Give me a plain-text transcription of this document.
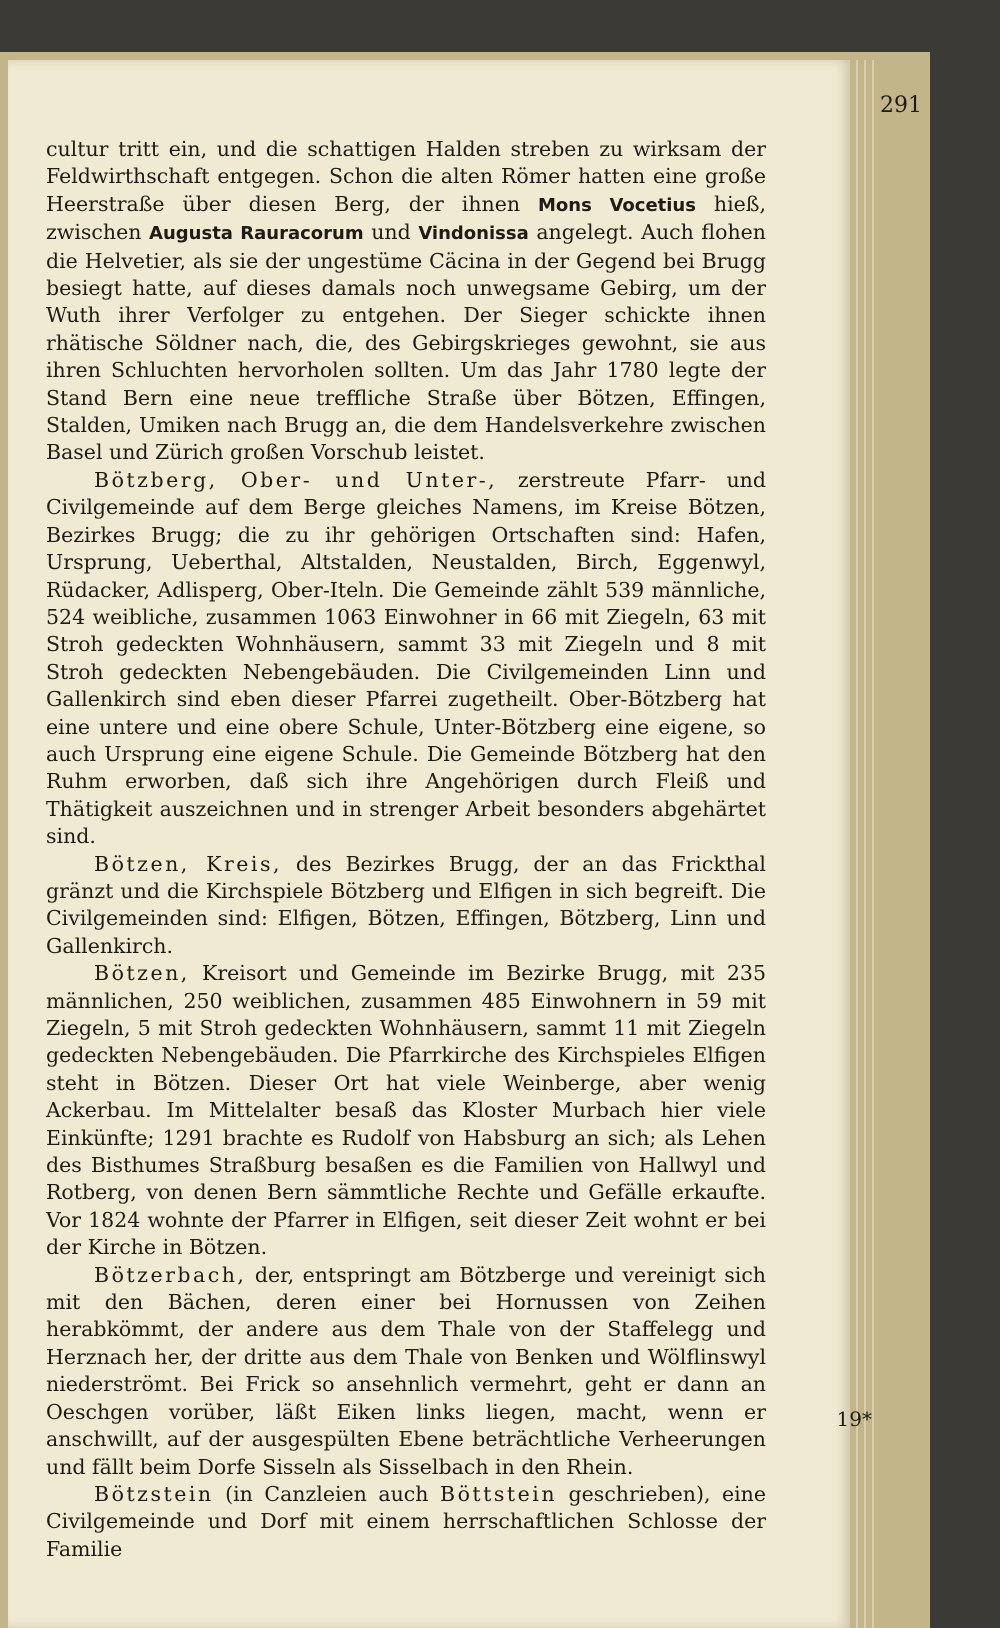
291

cultur tritt ein, und die schattigen Halden streben zu wirksam der Feldwirthschaft entgegen. Schon die alten Römer hatten eine große Heerstraße über diesen Berg, der ihnen Mons Vocetius hieß, zwischen Augusta Rauracorum und Vindonissa angelegt. Auch flohen die Helvetier, als sie der ungestüme Cäcina in der Gegend bei Brugg besiegt hatte, auf dieses damals noch unwegsame Gebirg, um der Wuth ihrer Verfolger zu entgehen. Der Sieger schickte ihnen rhätische Söldner nach, die, des Gebirgskrieges gewohnt, sie aus ihren Schluchten hervorholen sollten. Um das Jahr 1780 legte der Stand Bern eine neue treffliche Straße über Bötzen, Effingen, Stalden, Umiken nach Brugg an, die dem Handelsverkehre zwischen Basel und Zürich großen Vorschub leistet.

Bötzberg, Ober- und Unter-, zerstreute Pfarr- und Civilgemeinde auf dem Berge gleiches Namens, im Kreise Bötzen, Bezirkes Brugg; die zu ihr gehörigen Ortschaften sind: Hafen, Ursprung, Ueberthal, Altstalden, Neustalden, Birch, Eggenwyl, Rüdacker, Adlisperg, Ober-Iteln. Die Gemeinde zählt 539 männliche, 524 weibliche, zusammen 1063 Einwohner in 66 mit Ziegeln, 63 mit Stroh gedeckten Wohnhäusern, sammt 33 mit Ziegeln und 8 mit Stroh gedeckten Nebengebäuden. Die Civilgemeinden Linn und Gallenkirch sind eben dieser Pfarrei zugetheilt. Ober-Bötzberg hat eine untere und eine obere Schule, Unter-Bötzberg eine eigene, so auch Ursprung eine eigene Schule. Die Gemeinde Bötzberg hat den Ruhm erworben, daß sich ihre Angehörigen durch Fleiß und Thätigkeit auszeichnen und in strenger Arbeit besonders abgehärtet sind.

Bötzen, Kreis, des Bezirkes Brugg, der an das Frickthal gränzt und die Kirchspiele Bötzberg und Elfigen in sich begreift. Die Civilgemeinden sind: Elfigen, Bötzen, Effingen, Bötzberg, Linn und Gallenkirch.

Bötzen, Kreisort und Gemeinde im Bezirke Brugg, mit 235 männlichen, 250 weiblichen, zusammen 485 Einwohnern in 59 mit Ziegeln, 5 mit Stroh gedeckten Wohnhäusern, sammt 11 mit Ziegeln gedeckten Nebengebäuden. Die Pfarrkirche des Kirchspieles Elfigen steht in Bötzen. Dieser Ort hat viele Weinberge, aber wenig Ackerbau. Im Mittelalter besaß das Kloster Murbach hier viele Einkünfte; 1291 brachte es Rudolf von Habsburg an sich; als Lehen des Bisthumes Straßburg besaßen es die Familien von Hallwyl und Rotberg, von denen Bern sämmtliche Rechte und Gefälle erkaufte. Vor 1824 wohnte der Pfarrer in Elfigen, seit dieser Zeit wohnt er bei der Kirche in Bötzen.

Bötzerbach, der, entspringt am Bötzberge und vereinigt sich mit den Bächen, deren einer bei Hornussen von Zeihen herabkömmt, der andere aus dem Thale von der Staffelegg und Herznach her, der dritte aus dem Thale von Benken und Wölflinswyl niederströmt. Bei Frick so ansehnlich vermehrt, geht er dann an Oeschgen vorüber, läßt Eiken links liegen, macht, wenn er anschwillt, auf der ausgespülten Ebene beträchtliche Verheerungen und fällt beim Dorfe Sisseln als Sisselbach in den Rhein.

Bötzstein (in Canzleien auch Böttstein geschrieben), eine Civilgemeinde und Dorf mit einem herrschaftlichen Schlosse der Familie

19*
